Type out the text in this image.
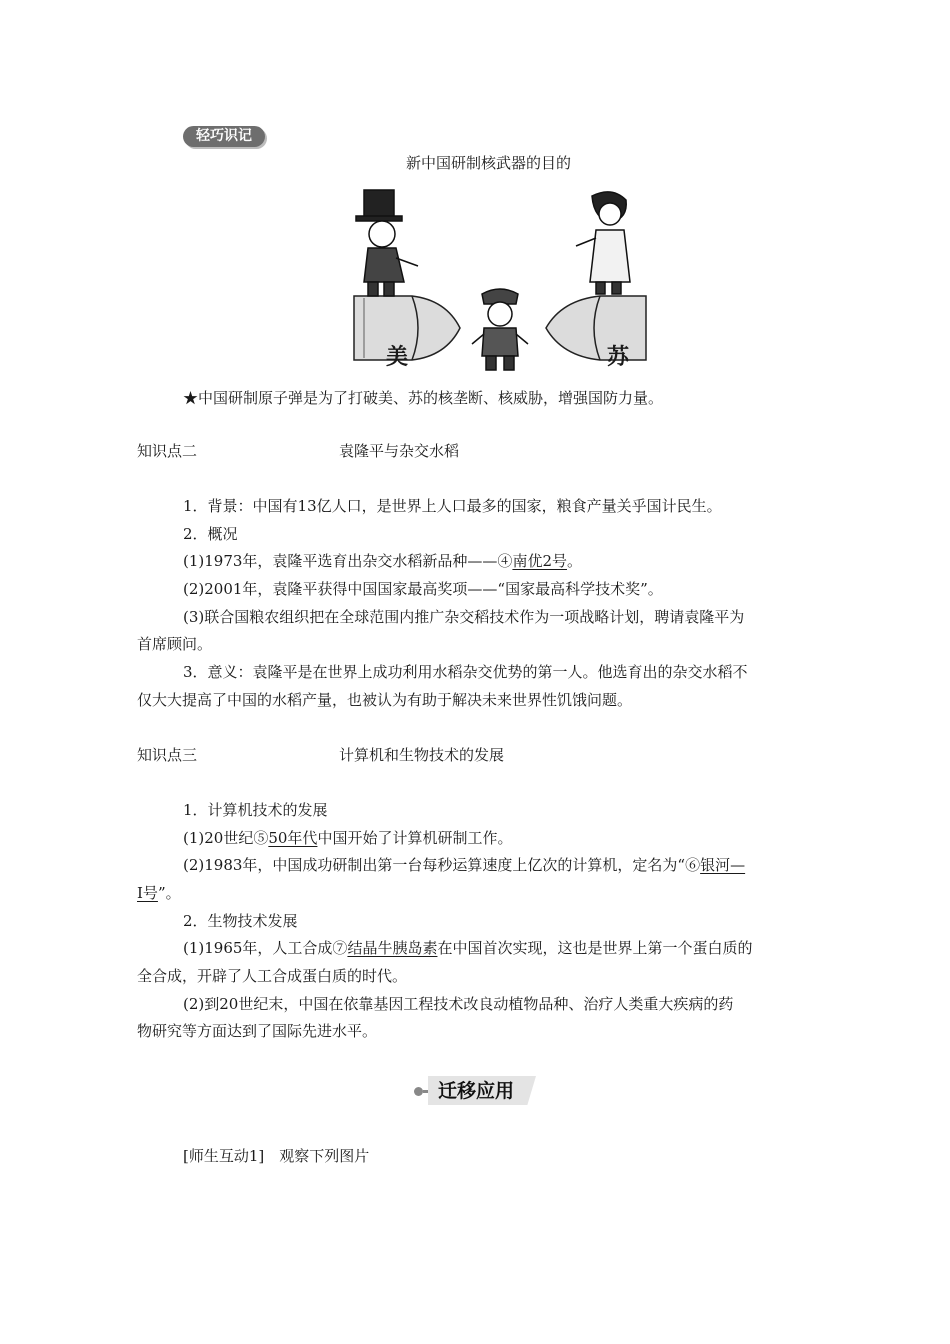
轻巧识记
新中国研制核武器的目的
美	苏
★中国研制原子弹是为了打破美、苏的核垄断、核威胁，增强国防力量。
知识点二	袁隆平与杂交水稻
1．背景：中国有13亿人口，是世界上人口最多的国家，粮食产量关乎国计民生。
2．概况
(1)1973年，袁隆平选育出杂交水稻新品种——④南优2号。
(2)2001年，袁隆平获得中国国家最高奖项——“国家最高科学技术奖”。
(3)联合国粮农组织把在全球范围内推广杂交稻技术作为一项战略计划，聘请袁隆平为
首席顾问。
3．意义：袁隆平是在世界上成功利用水稻杂交优势的第一人。他选育出的杂交水稻不
仅大大提高了中国的水稻产量，也被认为有助于解决未来世界性饥饿问题。
知识点三	计算机和生物技术的发展
1．计算机技术的发展
(1)20世纪⑤50年代中国开始了计算机研制工作。
(2)1983年，中国成功研制出第一台每秒运算速度上亿次的计算机，定名为“⑥银河—
Ⅰ号”。
2．生物技术发展
(1)1965年，人工合成⑦结晶牛胰岛素在中国首次实现，这也是世界上第一个蛋白质的
全合成，开辟了人工合成蛋白质的时代。
(2)到20世纪末，中国在依靠基因工程技术改良动植物品种、治疗人类重大疾病的药
物研究等方面达到了国际先进水平。
迁移应用
[师生互动1]　观察下列图片
